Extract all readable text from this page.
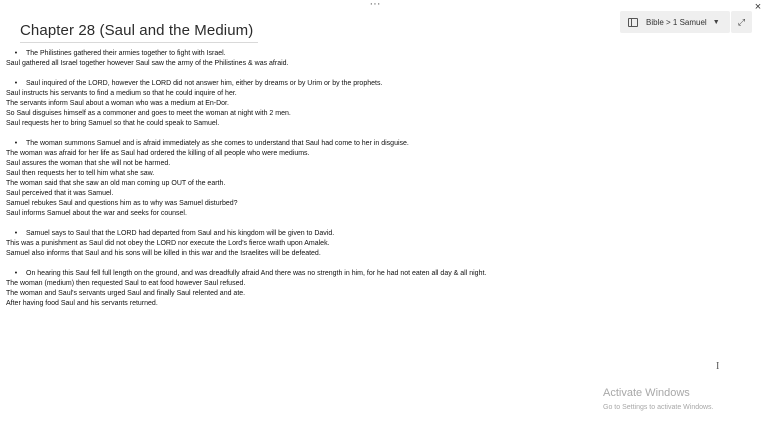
···	×
Chapter 28 (Saul and the Medium)	Bible > 1 Samuel ▼	⤢
• The Philistines gathered their armies together to fight with Israel.
Saul gathered all Israel together however Saul saw the army of the Philistines & was afraid.
• Saul inquired of the LORD, however the LORD did not answer him, either by dreams or by Urim or by the prophets.
Saul instructs his servants to find a medium so that he could inquire of her.
The servants inform Saul about a woman who was a medium at En-Dor.
So Saul disguises himself as a commoner and goes to meet the woman at night with 2 men.
Saul requests her to bring Samuel so that he could speak to Samuel.
• The woman summons Samuel and is afraid immediately as she comes to understand that Saul had come to her in disguise.
The woman was afraid for her life as Saul had ordered the killing of all people who were mediums.
Saul assures the woman that she will not be harmed.
Saul then requests her to tell him what she saw.
The woman said that she saw an old man coming up OUT of the earth.
Saul perceived that it was Samuel.
Samuel rebukes Saul and questions him as to why was Samuel disturbed?
Saul informs Samuel about the war and seeks for counsel.
• Samuel says to Saul that the LORD had departed from Saul and his kingdom will be given to David.
This was a punishment as Saul did not obey the LORD nor execute the Lord's fierce wrath upon Amalek.
Samuel also informs that Saul and his sons will be killed in this war and the Israelites will be defeated.
• On hearing this Saul fell full length on the ground, and was dreadfully afraid And there was no strength in him, for he had not eaten all day & all night.
The woman (medium) then requested Saul to eat food however Saul refused.
The woman and Saul's servants urged Saul and finally Saul relented and ate.
After having food Saul and his servants returned.
I
Activate Windows
Go to Settings to activate Windows.
